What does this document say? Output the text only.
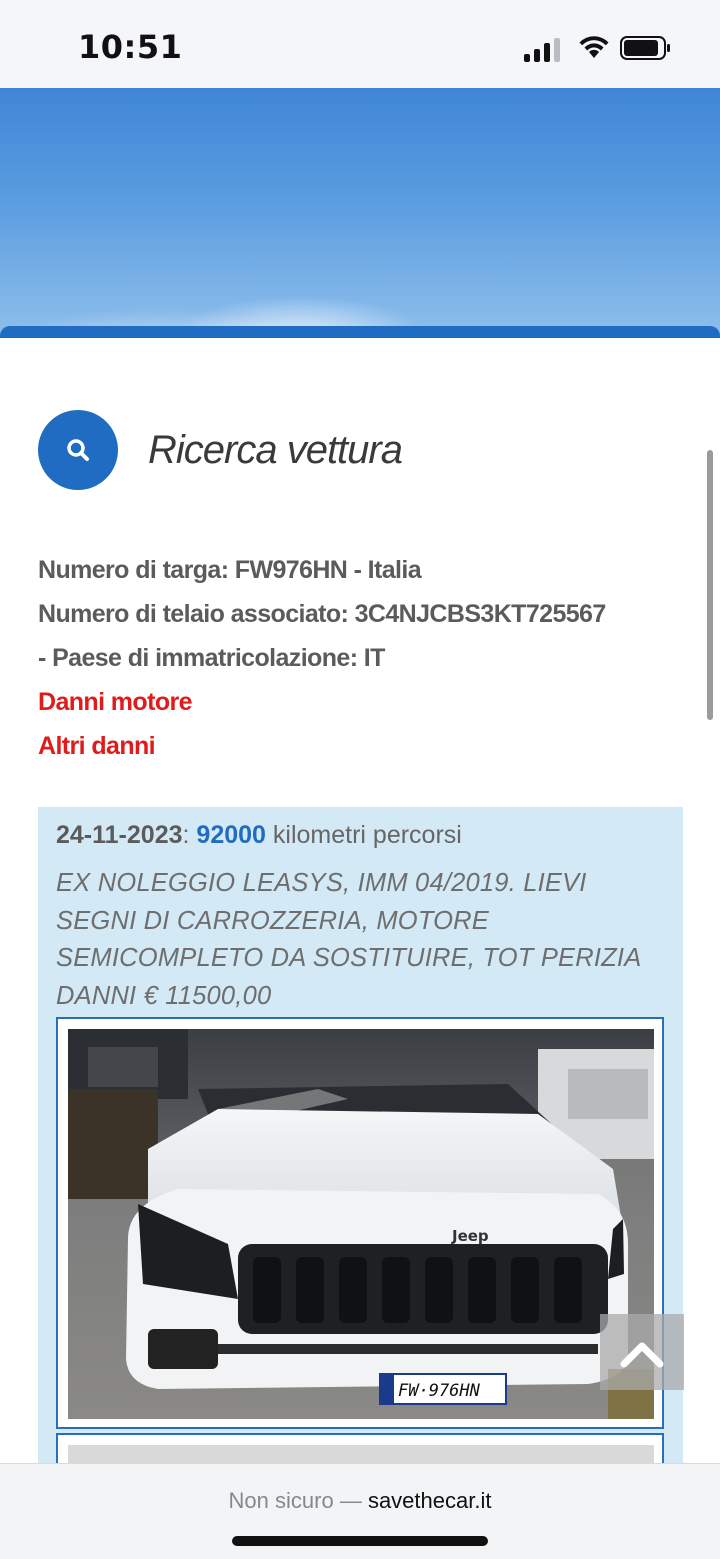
10:51
Ricerca vettura
Numero di targa: FW976HN - Italia
Numero di telaio associato: 3C4NJCBS3KT725567
- Paese di immatricolazione: IT
Danni motore
Altri danni
24-11-2023: 92000 kilometri percorsi
EX NOLEGGIO LEASYS, IMM 04/2019. LIEVI SEGNI DI CARROZZERIA, MOTORE SEMICOMPLETO DA SOSTITUIRE, TOT PERIZIA DANNI € 11500,00
Jeep
FW·976HN
Non sicuro — savethecar.it
